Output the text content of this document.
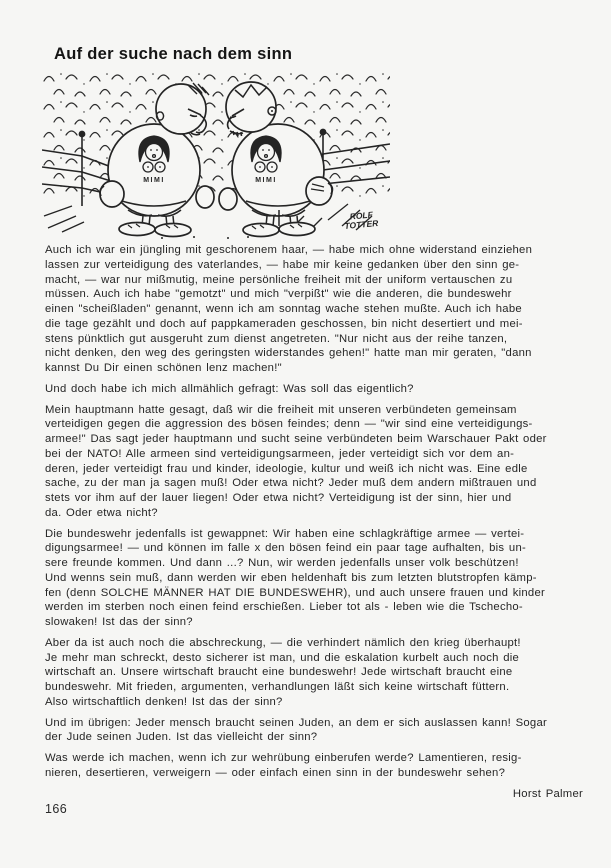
Auf der suche nach dem sinn
MIMI	MIMI
ROLF
TOTTER
Auch ich war ein jüngling mit geschorenem haar, — habe mich ohne widerstand einziehen
lassen zur verteidigung des vaterlandes, — habe mir keine gedanken über den sinn ge-
macht, — war nur mißmutig, meine persönliche freiheit mit der uniform vertauschen zu
müssen. Auch ich habe "gemotzt" und mich "verpißt" wie die anderen, die bundeswehr
einen "scheißladen" genannt, wenn ich am sonntag wache stehen mußte. Auch ich habe
die tage gezählt und doch auf pappkameraden geschossen, bin nicht desertiert und mei-
stens pünktlich gut ausgeruht zum dienst angetreten. "Nur nicht aus der reihe tanzen,
nicht denken, den weg des geringsten widerstandes gehen!" hatte man mir geraten, "dann
kannst Du Dir einen schönen lenz machen!"
Und doch habe ich mich allmählich gefragt: Was soll das eigentlich?
Mein hauptmann hatte gesagt, daß wir die freiheit mit unseren verbündeten gemeinsam
verteidigen gegen die aggression des bösen feindes; denn — "wir sind eine verteidigungs-
armee!" Das sagt jeder hauptmann und sucht seine verbündeten beim Warschauer Pakt oder
bei der NATO! Alle armeen sind verteidigungsarmeen, jeder verteidigt sich vor dem an-
deren, jeder verteidigt frau und kinder, ideologie, kultur und weiß ich nicht was. Eine edle
sache, zu der man ja sagen muß! Oder etwa nicht? Jeder muß dem andern mißtrauen und
stets vor ihm auf der lauer liegen! Oder etwa nicht? Verteidigung ist der sinn, hier und
da. Oder etwa nicht?
Die bundeswehr jedenfalls ist gewappnet: Wir haben eine schlagkräftige armee — vertei-
digungsarmee! — und können im falle x den bösen feind ein paar tage aufhalten, bis un-
sere freunde kommen. Und dann ...? Nun, wir werden jedenfalls unser volk beschützen!
Und wenns sein muß, dann werden wir eben heldenhaft bis zum letzten blutstropfen kämp-
fen (denn SOLCHE MÄNNER HAT DIE BUNDESWEHR), und auch unsere frauen und kinder
werden im sterben noch einen feind erschießen. Lieber tot als - leben wie die Tschecho-
slowaken! Ist das der sinn?
Aber da ist auch noch die abschreckung, — die verhindert nämlich den krieg überhaupt!
Je mehr man schreckt, desto sicherer ist man, und die eskalation kurbelt auch noch die
wirtschaft an. Unsere wirtschaft braucht eine bundeswehr! Jede wirtschaft braucht eine
bundeswehr. Mit frieden, argumenten, verhandlungen läßt sich keine wirtschaft füttern.
Also wirtschaftlich denken! Ist das der sinn?
Und im übrigen: Jeder mensch braucht seinen Juden, an dem er sich auslassen kann! Sogar
der Jude seinen Juden. Ist das vielleicht der sinn?
Was werde ich machen, wenn ich zur wehrübung einberufen werde? Lamentieren, resig-
nieren, desertieren, verweigern — oder einfach einen sinn in der bundeswehr sehen?
Horst Palmer
166
